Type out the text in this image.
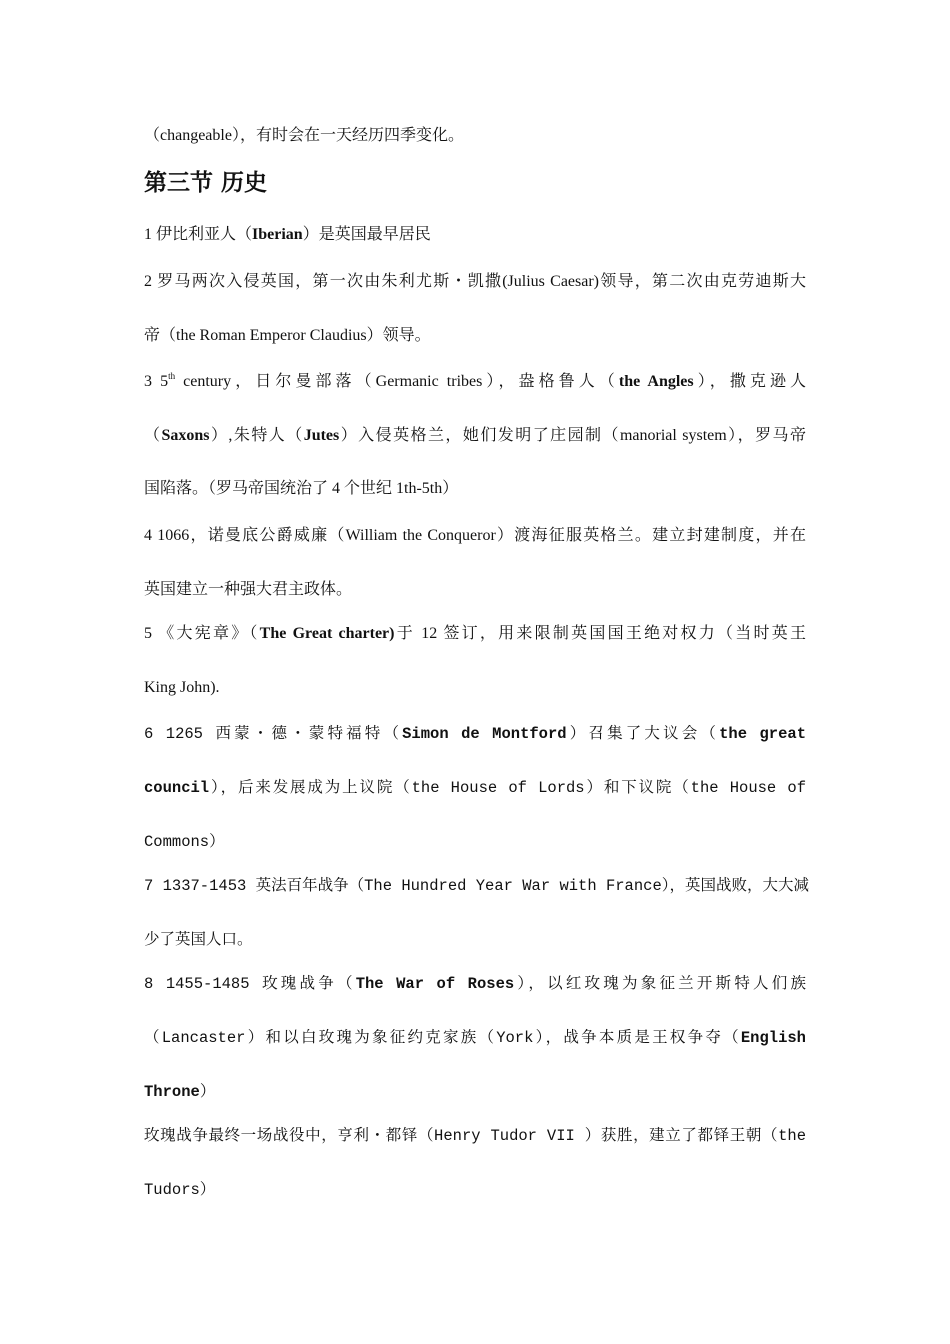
（changeable），有时会在一天经历四季变化。
第三节 历史
1 伊比利亚人（Iberian）是英国最早居民
2 罗马两次入侵英国，第一次由朱利尤斯・凯撒(Julius Caesar)领导，第二次由克劳迪斯大
帝（the Roman Emperor Claudius）领导。
3 5th century，日尔曼部落（Germanic tribes），盎格鲁人（the Angles），撒克逊人
（Saxons）,朱特人（Jutes）入侵英格兰，她们发明了庄园制（manorial system），罗马帝
国陷落。（罗马帝国统治了 4 个世纪 1th-5th）
4 1066，诺曼底公爵威廉（William the Conqueror）渡海征服英格兰。建立封建制度，并在
英国建立一种强大君主政体。
5 《大宪章》（The Great charter)于 12 签订，用来限制英国国王绝对权力（当时英王
King John).
6 1265 西蒙・德・蒙特福特（Simon de Montford）召集了大议会（the great
council），后来发展成为上议院（the House of Lords）和下议院（the House of
Commons）
7 1337-1453 英法百年战争（The Hundred Year War with France），英国战败，大大减
少了英国人口。
8 1455-1485 玫瑰战争（The War of Roses），以红玫瑰为象征兰开斯特人们族
（Lancaster）和以白玫瑰为象征约克家族（York），战争本质是王权争夺（English
Throne）
玫瑰战争最终一场战役中，亨利・都铎（Henry Tudor VII ）获胜，建立了都铎王朝（the
Tudors）
